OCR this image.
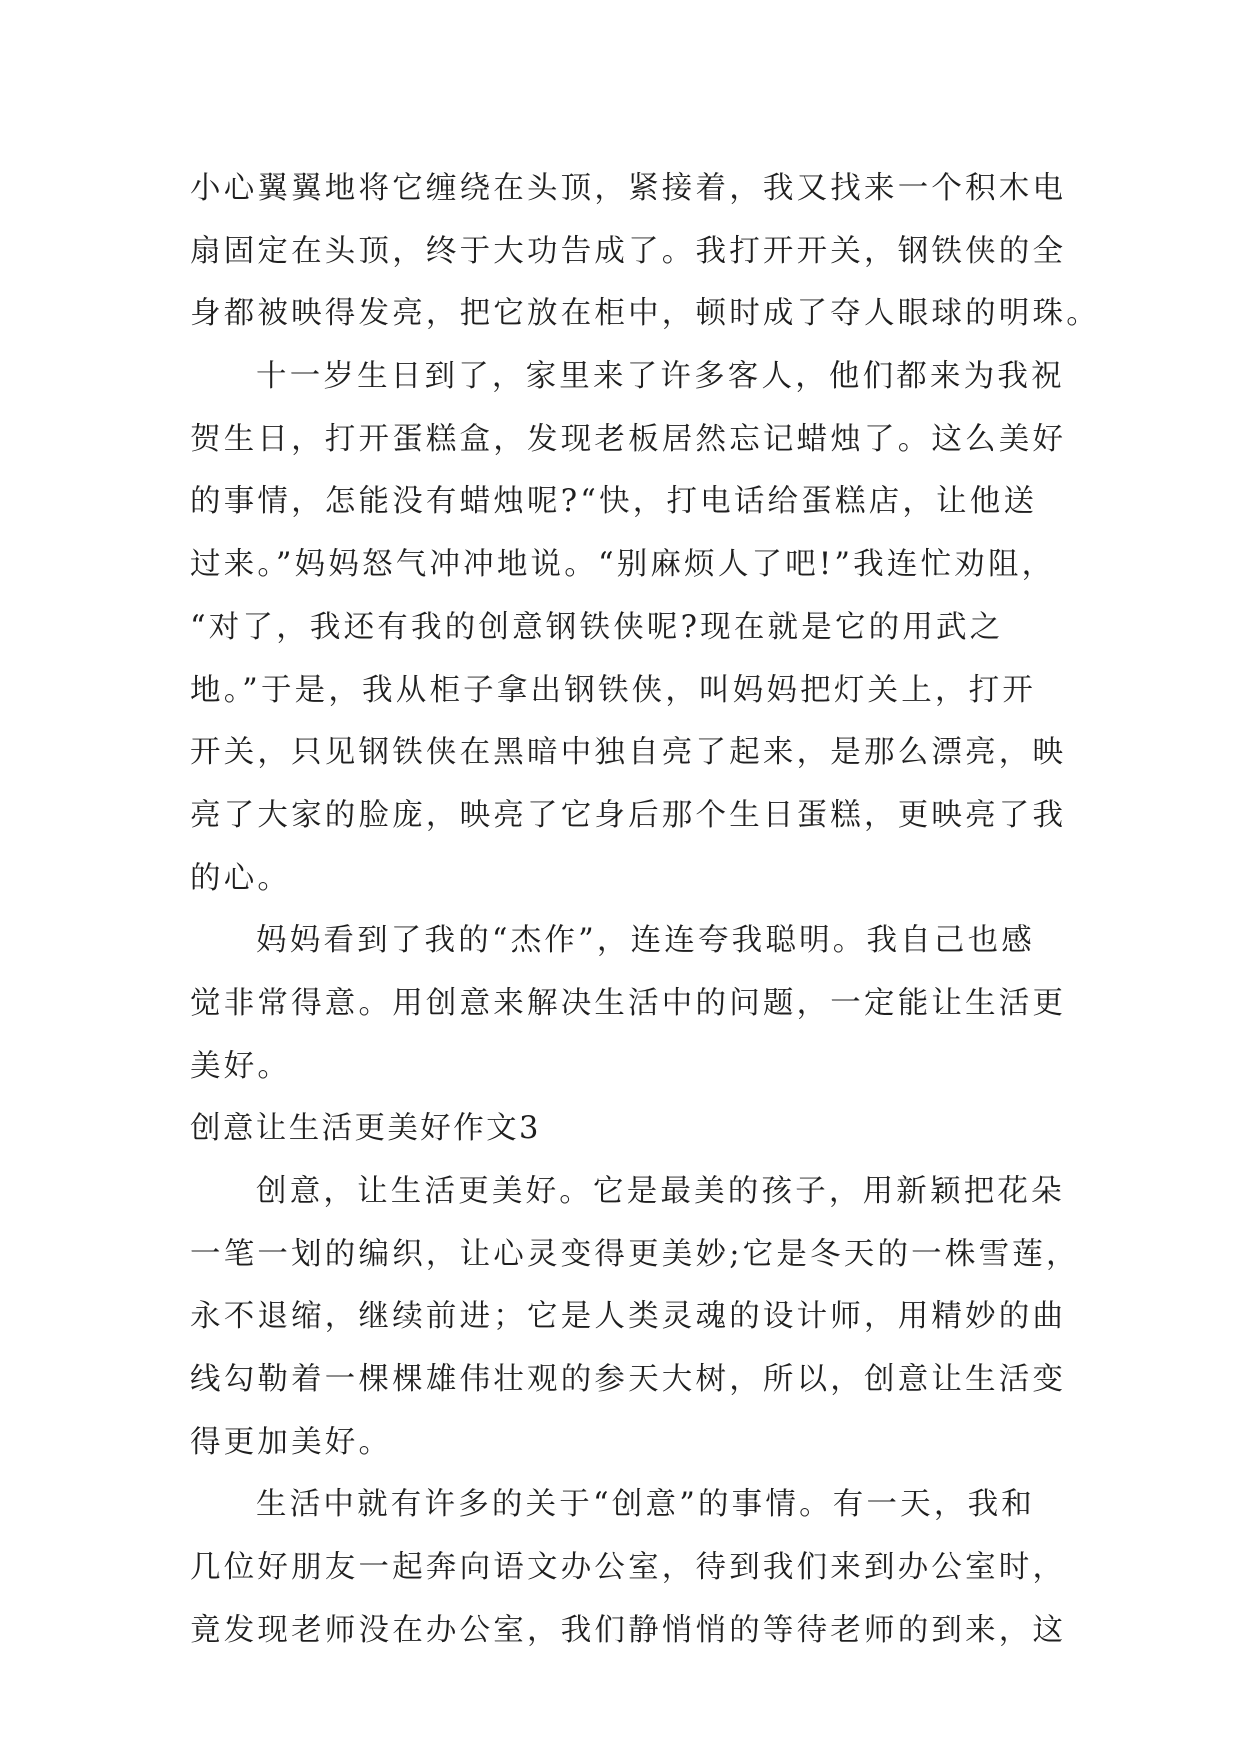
小心翼翼地将它缠绕在头顶，紧接着，我又找来一个积木电
扇固定在头顶，终于大功告成了。我打开开关，钢铁侠的全
身都被映得发亮，把它放在柜中，顿时成了夺人眼球的明珠。
十一岁生日到了，家里来了许多客人，他们都来为我祝
贺生日，打开蛋糕盒，发现老板居然忘记蜡烛了。这么美好
的事情，怎能没有蜡烛呢?“快，打电话给蛋糕店，让他送
过来。”妈妈怒气冲冲地说。“别麻烦人了吧!”我连忙劝阻，
“对了，我还有我的创意钢铁侠呢?现在就是它的用武之
地。”于是，我从柜子拿出钢铁侠，叫妈妈把灯关上，打开
开关，只见钢铁侠在黑暗中独自亮了起来，是那么漂亮，映
亮了大家的脸庞，映亮了它身后那个生日蛋糕，更映亮了我
的心。
妈妈看到了我的“杰作”，连连夸我聪明。我自己也感
觉非常得意。用创意来解决生活中的问题，一定能让生活更
美好。
创意让生活更美好作文3
创意，让生活更美好。它是最美的孩子，用新颖把花朵
一笔一划的编织，让心灵变得更美妙;它是冬天的一株雪莲，
永不退缩，继续前进；它是人类灵魂的设计师，用精妙的曲
线勾勒着一棵棵雄伟壮观的参天大树，所以，创意让生活变
得更加美好。
生活中就有许多的关于“创意”的事情。有一天，我和
几位好朋友一起奔向语文办公室，待到我们来到办公室时，
竟发现老师没在办公室，我们静悄悄的等待老师的到来，这
